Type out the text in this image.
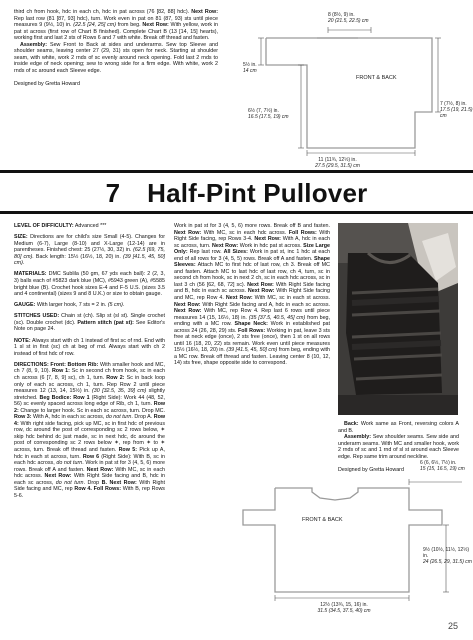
third ch from hook, hdc in each ch, hdc in pat across (76 [82, 88] hdc). Next Row: Rep last row (81 [87, 93] hdc), turn. Work even in pat on 81 (87, 93) sts until piece measures 9 (9½, 10) in. (22.5 [24, 25] cm) from beg. Next Row: With yellow, work in pat st across (first row of Chart B finished). Complete Chart B (13 [14, 15] hearts), working first and last 2 sts of Rows 6 and 7 with white. Break off thread and fasten.

Assembly: Sew Front to Back at sides and underarms. Sew top Sleeve and shoulder seams, leaving center 27 (29, 31) sts open for neck. Starting at shoulder seam, with white, work 2 rnds of sc evenly around neck opening. Fold last 2 rnds to inside edge of neck opening; sew to wrong side for a firm edge. With white, work 2 rnds of sc around each Sleeve edge.

Designed by Gretta Howard

8 (8½, 9) in.
20 (21.5, 22.5) cm
5½ in.
14 cm
FRONT & BACK
7 (7½, 8) in.
17.5 (19, 21.5) cm
6½ (7, 7½) in.
16.5 (17.5, 19) cm
11 (11¾, 12½) in.
27.5 (29.5, 31.5) cm
7 Half-Pint Pullover

LEVEL OF DIFFICULTY: Advanced ***

SIZE: Directions are for child's size Small (4-5). Changes for Medium (6-7), Large (8-10) and X-Large (12-14) are in parentheses. Finished chest: 25 (27½, 30, 32) in. (62.5 [69, 75, 80] cm). Back length: 15½ (16½, 18, 20) in. (39 [41.5, 45, 50] cm).

MATERIALS: DMC Sublila (50 gm, 67 yds each ball): 2 (2, 3, 3) balls each of #5823 dark blue (MC), #5943 green (A), #5585 bright blue (B). Crochet hook sizes E-4 and F-5 U.S. (sizes 3.5 and 4 continental) (sizes 9 and 8 U.K.) or size to obtain gauge.

GAUGE: With larger hook, 7 sts = 2 in. (5 cm).

STITCHES USED: Chain st (ch). Slip st (sl st). Single crochet (sc). Double crochet (dc). Pattern stitch (pat st): See Editor's Note on page 24.

NOTE: Always start with ch 1 instead of first sc of rnd. End with 1 sl st in first (sc) ch at beg of rnd. Always start with ch 2 instead of first hdc of row.

DIRECTIONS: Front: Bottom Rib: With smaller hook and MC, ch 7 (8, 9, 10). Row 1: Sc in second ch from hook, sc in each ch across (6 [7, 8, 9] sc), ch 1, turn. Row 2: Sc in back loop only of each sc across, ch 1, turn. Rep Row 2 until piece measures 12 (13, 14, 15½) in. (30 [32.5, 35, 39] cm) slightly stretched. Beg Bodice: Row 1 (Right Side): Work 44 (48, 52, 56) sc evenly spaced across long edge of Rib, ch 1, turn. Row 2: Change to larger hook. Sc in each sc across, turn. Drop MC. Row 3: With A, hdc in each sc across, do not turn. Drop A. Row 4: With right side facing, pick up MC, sc in first hdc of previous row, dc around the post of corresponding sc 2 rows below, ✶ skip hdc behind dc just made, sc in next hdc, dc around the post of corresponding sc 2 rows below ✶, rep from ✶ to ✶ across, turn. Break off thread and fasten. Row 5: Pick up A, hdc in each st across, turn. Row 6 (Right Side): With B, sc in each hdc across, do not turn. Work in pat st for 3 (4, 5, 6) more rows. Break off A and fasten. Next Row: With MC, sc in each hdc across. Next Row: With Right Side facing and B, hdc in each sc across, do not turn. Drop B. Next Row: With Right Side facing and MC, rep Row 4. Foll Rows: With B, rep Rows 5-6.

Work in pat st for 3 (4, 5, 6) more rows. Break off B and fasten. Next Row: With MC, sc in each hdc across. Foll Rows: With Right Side facing, rep Rows 3-4. Next Row: With A, hdc in each sc across, turn. Next Row: Work in hdc pat st across. Size Large Only: Rep last row. All Sizes: Work in pat st, inc 1 hdc at each end of all rows for 3 (4, 5, 5) rows. Break off A and fasten. Shape Sleeves: Attach MC to first hdc of last row, ch 3. Break off MC and fasten. Attach MC to last hdc of last row, ch 4, turn, sc in second ch from hook, sc in next 2 ch, sc in each hdc across, sc in last 3 ch (56 [62, 68, 72] sc). Next Row: With Right Side facing and B, hdc in each sc across. Next Row: With Right Side facing and MC, rep Row 4. Next Row: With MC, sc in each st across. Next Row: With Right Side facing and A, hdc in each sc across. Next Row: With MC, rep Row 4. Rep last 6 rows until piece measures 14 (15, 16½, 18) in. (35 [37.5, 40.5, 45] cm) from beg, ending with a MC row. Shape Neck: Work in established pat across 24 (26, 28, 29) sts. Foll Rows: Working in pat, leave 3 sts free at neck edge (once), 2 sts free (once), then 1 st on all rows until 16 (18, 20, 22) sts remain. Work even until piece measures 15½ (16½, 18, 20) in. (39 [41.5, 45, 50] cm) from beg, ending with a MC row. Break off thread and fasten. Leaving center 8 (10, 12, 14) sts free, shape opposite side to correspond.

Back: Work same as Front, reversing colors A and B.

Assembly: Sew shoulder seams. Sew side and underarm seams. With MC and smaller hook, work 2 rnds of sc and 1 rnd of sl st around each Sleeve edge. Rep same trim around neckline.

Designed by Gretta Howard

6 (6, 6½, 7½) in.
15 (15, 16.5, 19) cm
FRONT & BACK
9½ (10½, 11½, 12½) in.
24 (26.5, 29, 31.5) cm
12½ (13¾, 15, 16) in.
31.5 (34.5, 37.5, 40) cm
25
